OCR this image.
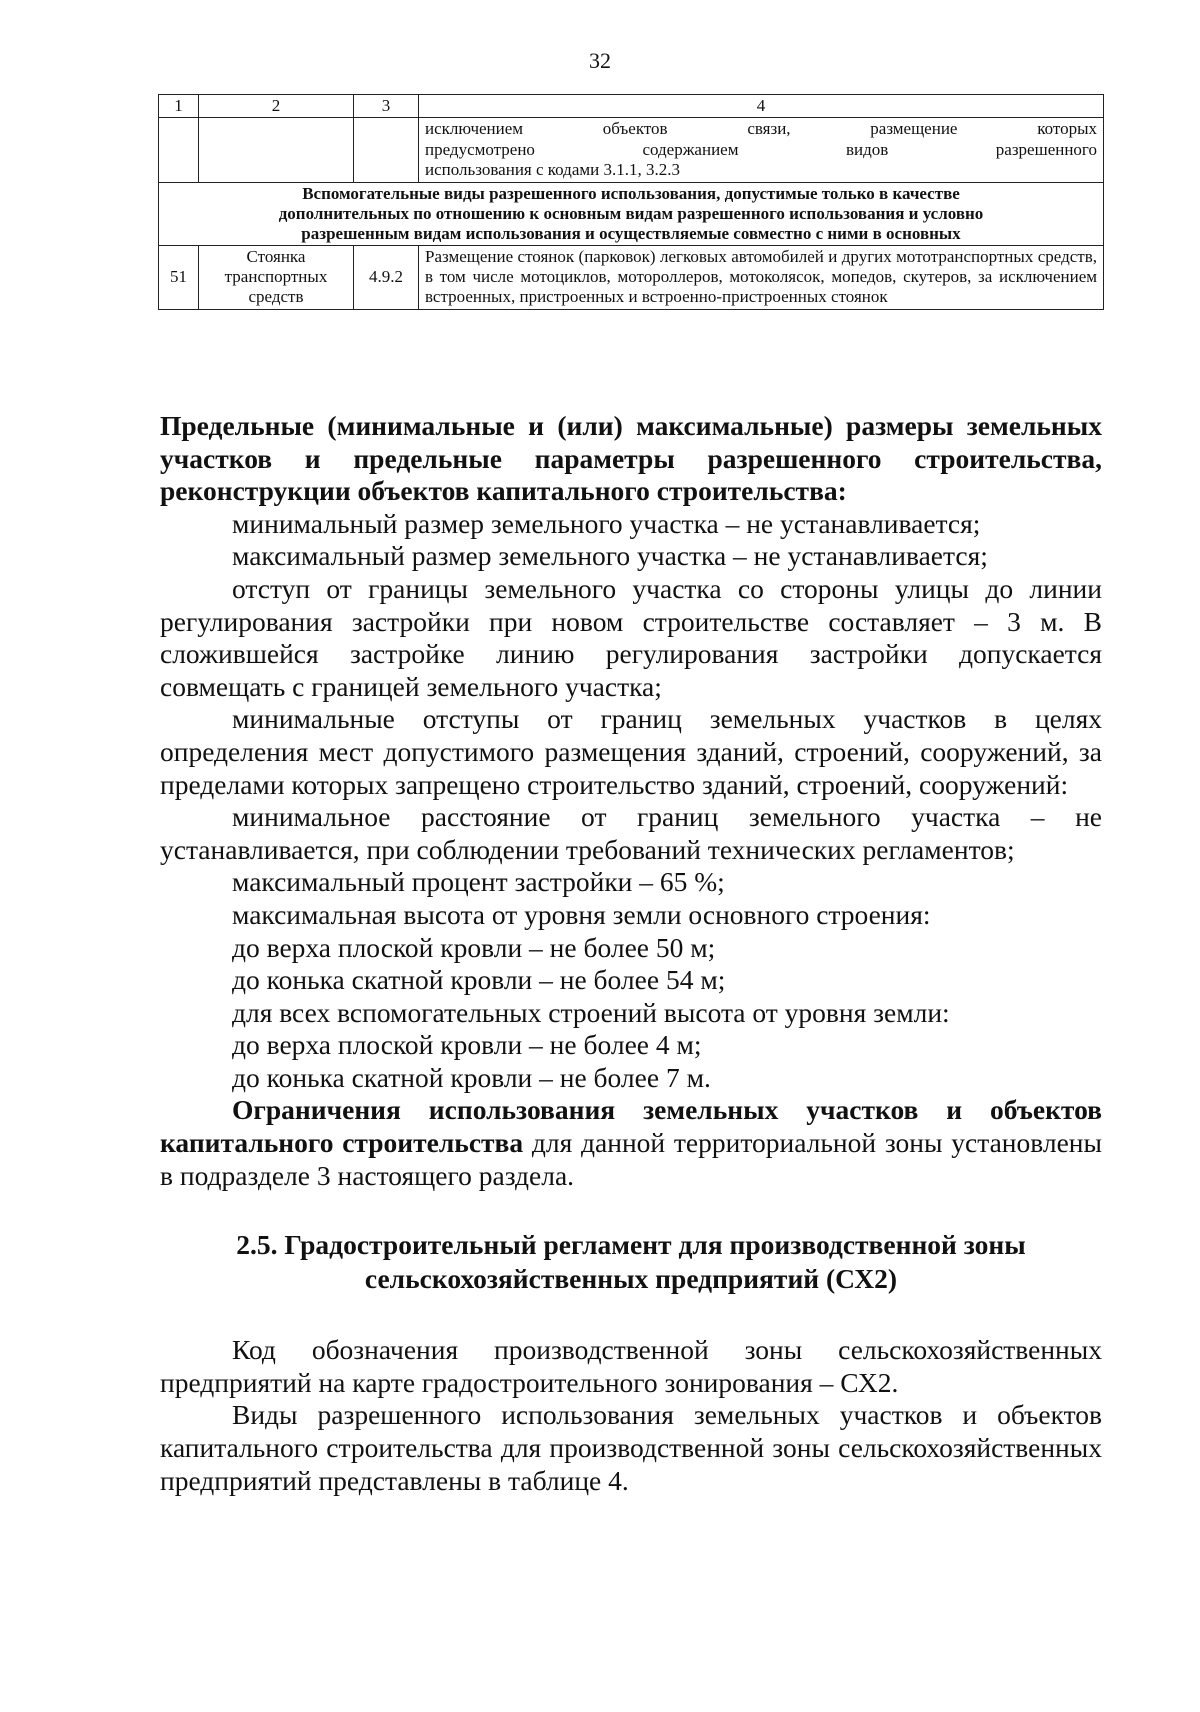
32
1	2	3	4

			исключением объектов связи, размещение которых
предусмотрено содержанием видов разрешенного
использования с кодами 3.1.1, 3.2.3

Вспомогательные виды разрешенного использования, допустимые только в качестве
дополнительных по отношению к основным видам разрешенного использования и условно
разрешенным видам использования и осуществляемые совместно с ними в основных			

51	Стоянка транспортных средств	4.9.2	Размещение стоянок (парковок) легковых автомобилей и других мототранспортных средств, в том числе мотоциклов, мотороллеров, мотоколясок, мопедов, скутеров, за исключением встроенных, пристроенных и встроенно-пристроенных стоянок

Предельные (минимальные и (или) максимальные) размеры земельных участков и предельные параметры разрешенного строительства, реконструкции объектов капитального строительства:

минимальный размер земельного участка – не устанавливается;

максимальный размер земельного участка – не устанавливается;

отступ от границы земельного участка со стороны улицы до линии регулирования застройки при новом строительстве составляет – 3 м. В сложившейся застройке линию регулирования застройки допускается совмещать с границей земельного участка;

минимальные отступы от границ земельных участков в целях определения мест допустимого размещения зданий, строений, сооружений, за пределами которых запрещено строительство зданий, строений, сооружений:

минимальное расстояние от границ земельного участка – не устанавливается, при соблюдении требований технических регламентов;

максимальный процент застройки – 65 %;

максимальная высота от уровня земли основного строения:

до верха плоской кровли – не более 50 м;

до конька скатной кровли – не более 54 м;

для всех вспомогательных строений высота от уровня земли:

до верха плоской кровли – не более 4 м;

до конька скатной кровли – не более 7 м.

Ограничения использования земельных участков и объектов капитального строительства для данной территориальной зоны установлены в подразделе 3 настоящего раздела.

2.5. Градостроительный регламент для производственной зоны
сельскохозяйственных предприятий (СХ2)

Код обозначения производственной зоны сельскохозяйственных предприятий на карте градостроительного зонирования – СХ2.

Виды разрешенного использования земельных участков и объектов капитального строительства для производственной зоны сельскохозяйственных предприятий представлены в таблице 4.
